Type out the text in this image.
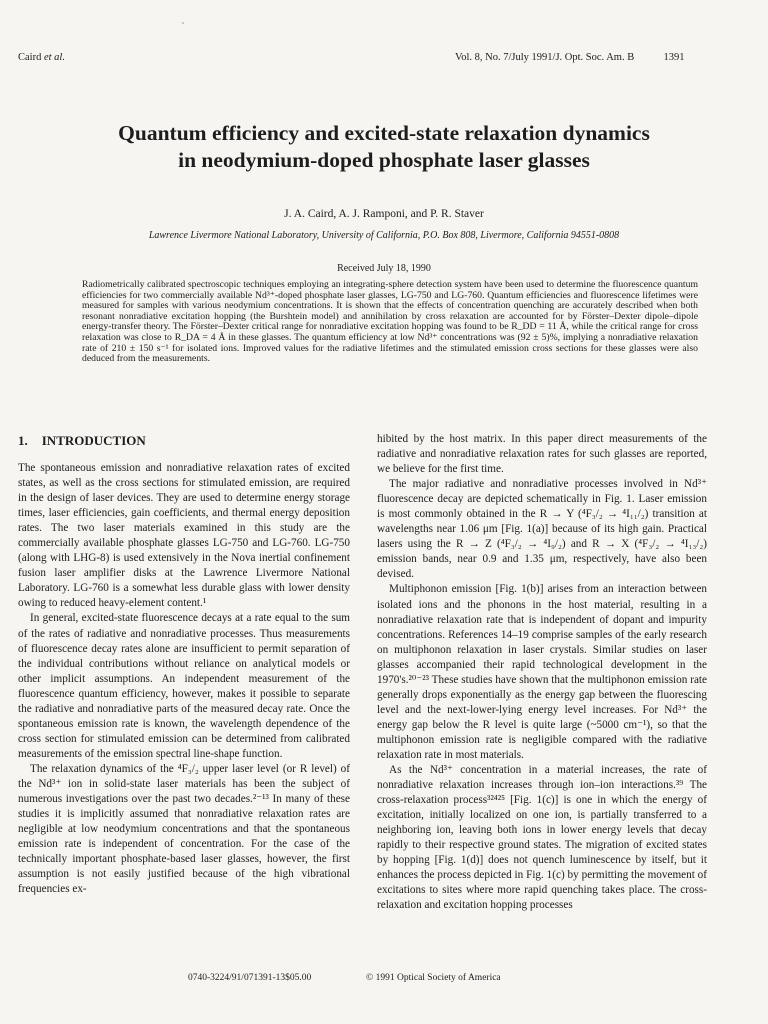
Caird et al.	Vol. 8, No. 7/July 1991/J. Opt. Soc. Am. B	1391
Quantum efficiency and excited-state relaxation dynamics
in neodymium-doped phosphate laser glasses
J. A. Caird, A. J. Ramponi, and P. R. Staver
Lawrence Livermore National Laboratory, University of California, P.O. Box 808, Livermore, California 94551-0808
Received July 18, 1990
Radiometrically calibrated spectroscopic techniques employing an integrating-sphere detection system have been used to determine the fluorescence quantum efficiencies for two commercially available Nd³⁺-doped phosphate laser glasses, LG-750 and LG-760. Quantum efficiencies and fluorescence lifetimes were measured for samples with various neodymium concentrations. It is shown that the effects of concentration quenching are accurately described when both resonant nonradiative excitation hopping (the Burshtein model) and annihilation by cross relaxation are accounted for by Förster–Dexter dipole–dipole energy-transfer theory. The Förster–Dexter critical range for nonradiative excitation hopping was found to be R_DD = 11 Å, while the critical range for cross relaxation was close to R_DA = 4 Å in these glasses. The quantum efficiency at low Nd³⁺ concentrations was (92 ± 5)%, implying a nonradiative relaxation rate of 210 ± 150 s⁻¹ for isolated ions. Improved values for the radiative lifetimes and the stimulated emission cross sections for these glasses were also deduced from the measurements.
1. INTRODUCTION

The spontaneous emission and nonradiative relaxation rates of excited states, as well as the cross sections for stimulated emission, are required in the design of laser devices. They are used to determine energy storage times, laser efficiencies, gain coefficients, and thermal energy deposition rates. The two laser materials examined in this study are the commercially available phosphate glasses LG-750 and LG-760. LG-750 (along with LHG-8) is used extensively in the Nova inertial confinement fusion laser amplifier disks at the Lawrence Livermore National Laboratory. LG-760 is a somewhat less durable glass with lower density owing to reduced heavy-element content.¹

In general, excited-state fluorescence decays at a rate equal to the sum of the rates of radiative and nonradiative processes. Thus measurements of fluorescence decay rates alone are insufficient to permit separation of the individual contributions without reliance on analytical models or other implicit assumptions. An independent measurement of the fluorescence quantum efficiency, however, makes it possible to separate the radiative and nonradiative parts of the measured decay rate. Once the spontaneous emission rate is known, the wavelength dependence of the cross section for stimulated emission can be determined from calibrated measurements of the emission spectral line-shape function.

The relaxation dynamics of the ⁴F₃/₂ upper laser level (or R level) of the Nd³⁺ ion in solid-state laser materials has been the subject of numerous investigations over the past two decades.²⁻¹³ In many of these studies it is implicitly assumed that nonradiative relaxation rates are negligible at low neodymium concentrations and that the spontaneous emission rate is independent of concentration. For the case of the technically important phosphate-based laser glasses, however, the first assumption is not easily justified because of the high vibrational frequencies ex-

hibited by the host matrix. In this paper direct measurements of the radiative and nonradiative relaxation rates for such glasses are reported, we believe for the first time.

The major radiative and nonradiative processes involved in Nd³⁺ fluorescence decay are depicted schematically in Fig. 1. Laser emission is most commonly obtained in the R → Y (⁴F₃/₂ → ⁴I₁₁/₂) transition at wavelengths near 1.06 μm [Fig. 1(a)] because of its high gain. Practical lasers using the R → Z (⁴F₃/₂ → ⁴I₉/₂) and R → X (⁴F₃/₂ → ⁴I₁₃/₂) emission bands, near 0.9 and 1.35 μm, respectively, have also been devised.

Multiphonon emission [Fig. 1(b)] arises from an interaction between isolated ions and the phonons in the host material, resulting in a nonradiative relaxation rate that is independent of dopant and impurity concentrations. References 14–19 comprise samples of the early research on multiphonon relaxation in laser crystals. Similar studies on laser glasses accompanied their rapid technological development in the 1970's.²⁰⁻²³ These studies have shown that the multiphonon emission rate generally drops exponentially as the energy gap between the fluorescing level and the next-lower-lying energy level increases. For Nd³⁺ the energy gap below the R level is quite large (~5000 cm⁻¹), so that the multiphonon emission rate is negligible compared with the radiative relaxation rate in most materials.

As the Nd³⁺ concentration in a material increases, the rate of nonradiative relaxation increases through ion–ion interactions.³⁹ The cross-relaxation process³²⁴²⁵ [Fig. 1(c)] is one in which the energy of excitation, initially localized on one ion, is partially transferred to a neighboring ion, leaving both ions in lower energy levels that decay rapidly to their respective ground states. The migration of excited states by hopping [Fig. 1(d)] does not quench luminescence by itself, but it enhances the process depicted in Fig. 1(c) by permitting the movement of excitations to sites where more rapid quenching takes place. The cross-relaxation and excitation hopping processes

0740-3224/91/071391-13$05.00	© 1991 Optical Society of America
